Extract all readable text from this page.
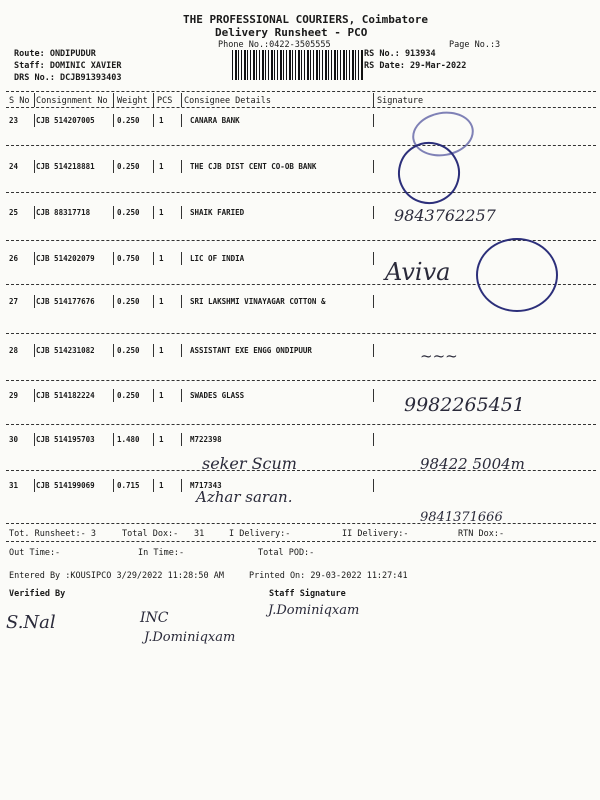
THE PROFESSIONAL COURIERS, Coimbatore
Delivery Runsheet - PCO
Phone No.:0422-3505555	Page No.:3
Route: ONDIPUDUR
Staff: DOMINIC XAVIER
DRS No.: DCJB91393403
RS No.: 913934
RS Date: 29-Mar-2022
S No Consignment No Weight PCS Consignee Details	Signature
23 CJB 514207005	0.250	1	CANARA BANK
24 CJB 514218881	0.250	1	THE CJB DIST CENT CO-OB BANK
25 CJB 88317718	0.250	1	SHAIK FARIED
26 CJB 514202079	0.750	1	LIC OF INDIA
27 CJB 514177676	0.250	1	SRI LAKSHMI VINAYAGAR COTTON &
28 CJB 514231082	0.250	1	ASSISTANT EXE ENGG ONDIPUUR
29 CJB 514182224	0.250	1	SWADES GLASS
30 CJB 514195703	1.480	1	M722398
31 CJB 514199069	0.715	1	M717343
9843762257
Aviva
~~~
9982265451
seker Scum	98422 5004m
Azhar saran.
9841371666
Tot. Runsheet:- 3	Total Dox:- 31	I Delivery:-	II Delivery:-	RTN Dox:-
Out Time:-	In Time:-	Total POD:-
Entered By :KOUSIPCO 3/29/2022 11:28:50 AM	Printed On: 29-03-2022 11:27:41
Verified By	Staff Signature
S.Nal	INC
J.Dominiqxam
J.Dominiqxam
